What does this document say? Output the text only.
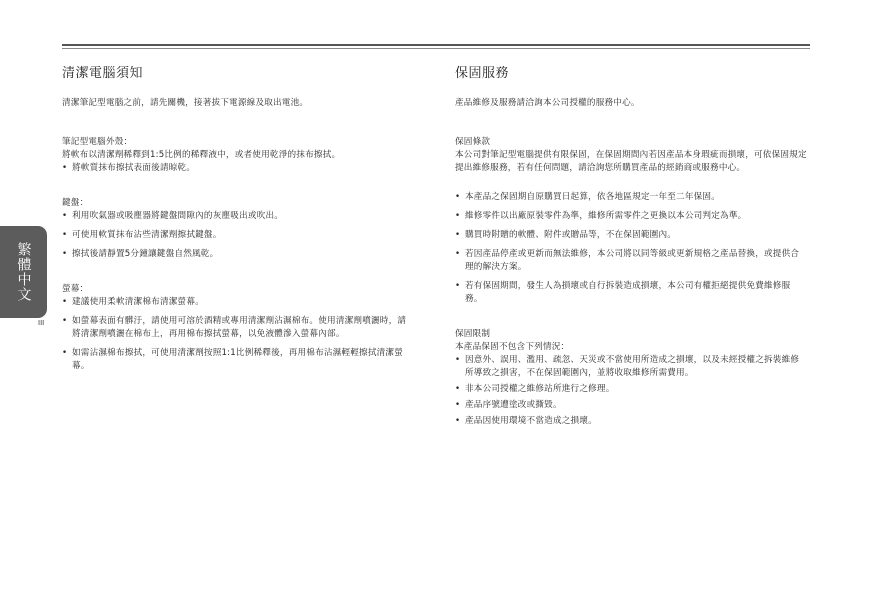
清潔電腦須知

清潔筆記型電腦之前，請先關機，接著拔下電源線及取出電池。

筆記型電腦外殼：

將軟布以清潔劑稀釋到1:5比例的稀釋液中，或者使用乾淨的抹布擦拭。

• 將軟質抹布擦拭表面後請晾乾。

鍵盤：

• 利用吹氣器或吸塵器將鍵盤間隙內的灰塵吸出或吹出。
• 可使用軟質抹布沾些清潔劑擦拭鍵盤。
• 擦拭後請靜置5分鐘讓鍵盤自然風乾。

螢幕：

• 建議使用柔軟清潔棉布清潔螢幕。
• 如螢幕表面有髒汙，請使用可溶於酒精或專用清潔劑沾濕棉布。使用清潔劑噴灑時，請將清潔劑噴灑在棉布上，再用棉布擦拭螢幕，以免液體滲入螢幕內部。
• 如需沾濕棉布擦拭，可使用清潔劑按照1:1比例稀釋後，再用棉布沾濕輕輕擦拭清潔螢幕。
保固服務

產品維修及服務請洽詢本公司授權的服務中心。

保固條款

本公司對筆記型電腦提供有限保固，在保固期間內若因產品本身瑕疵而損壞，可依保固規定提出維修服務，若有任何問題，請洽詢您所購買產品的經銷商或服務中心。

• 本產品之保固期自原購買日起算，依各地區規定一年至二年保固。
• 維修零件以出廠原裝零件為準，維修所需零件之更換以本公司判定為準。
• 購買時附贈的軟體、附件或贈品等，不在保固範圍內。
• 若因產品停產或更新而無法維修，本公司將以同等級或更新規格之產品替換，或提供合理的解決方案。
• 若有保固期間，發生人為損壞或自行拆裝造成損壞，本公司有權拒絕提供免費維修服務。

保固限制

本產品保固不包含下列情況：

• 因意外、誤用、濫用、疏忽、天災或不當使用所造成之損壞，以及未經授權之拆裝維修所導致之損害，不在保固範圍內，並將收取維修所需費用。
• 非本公司授權之維修站所進行之修理。
• 產品序號遭塗改或撕毀。
• 產品因使用環境不當造成之損壞。
繁體中文
III
